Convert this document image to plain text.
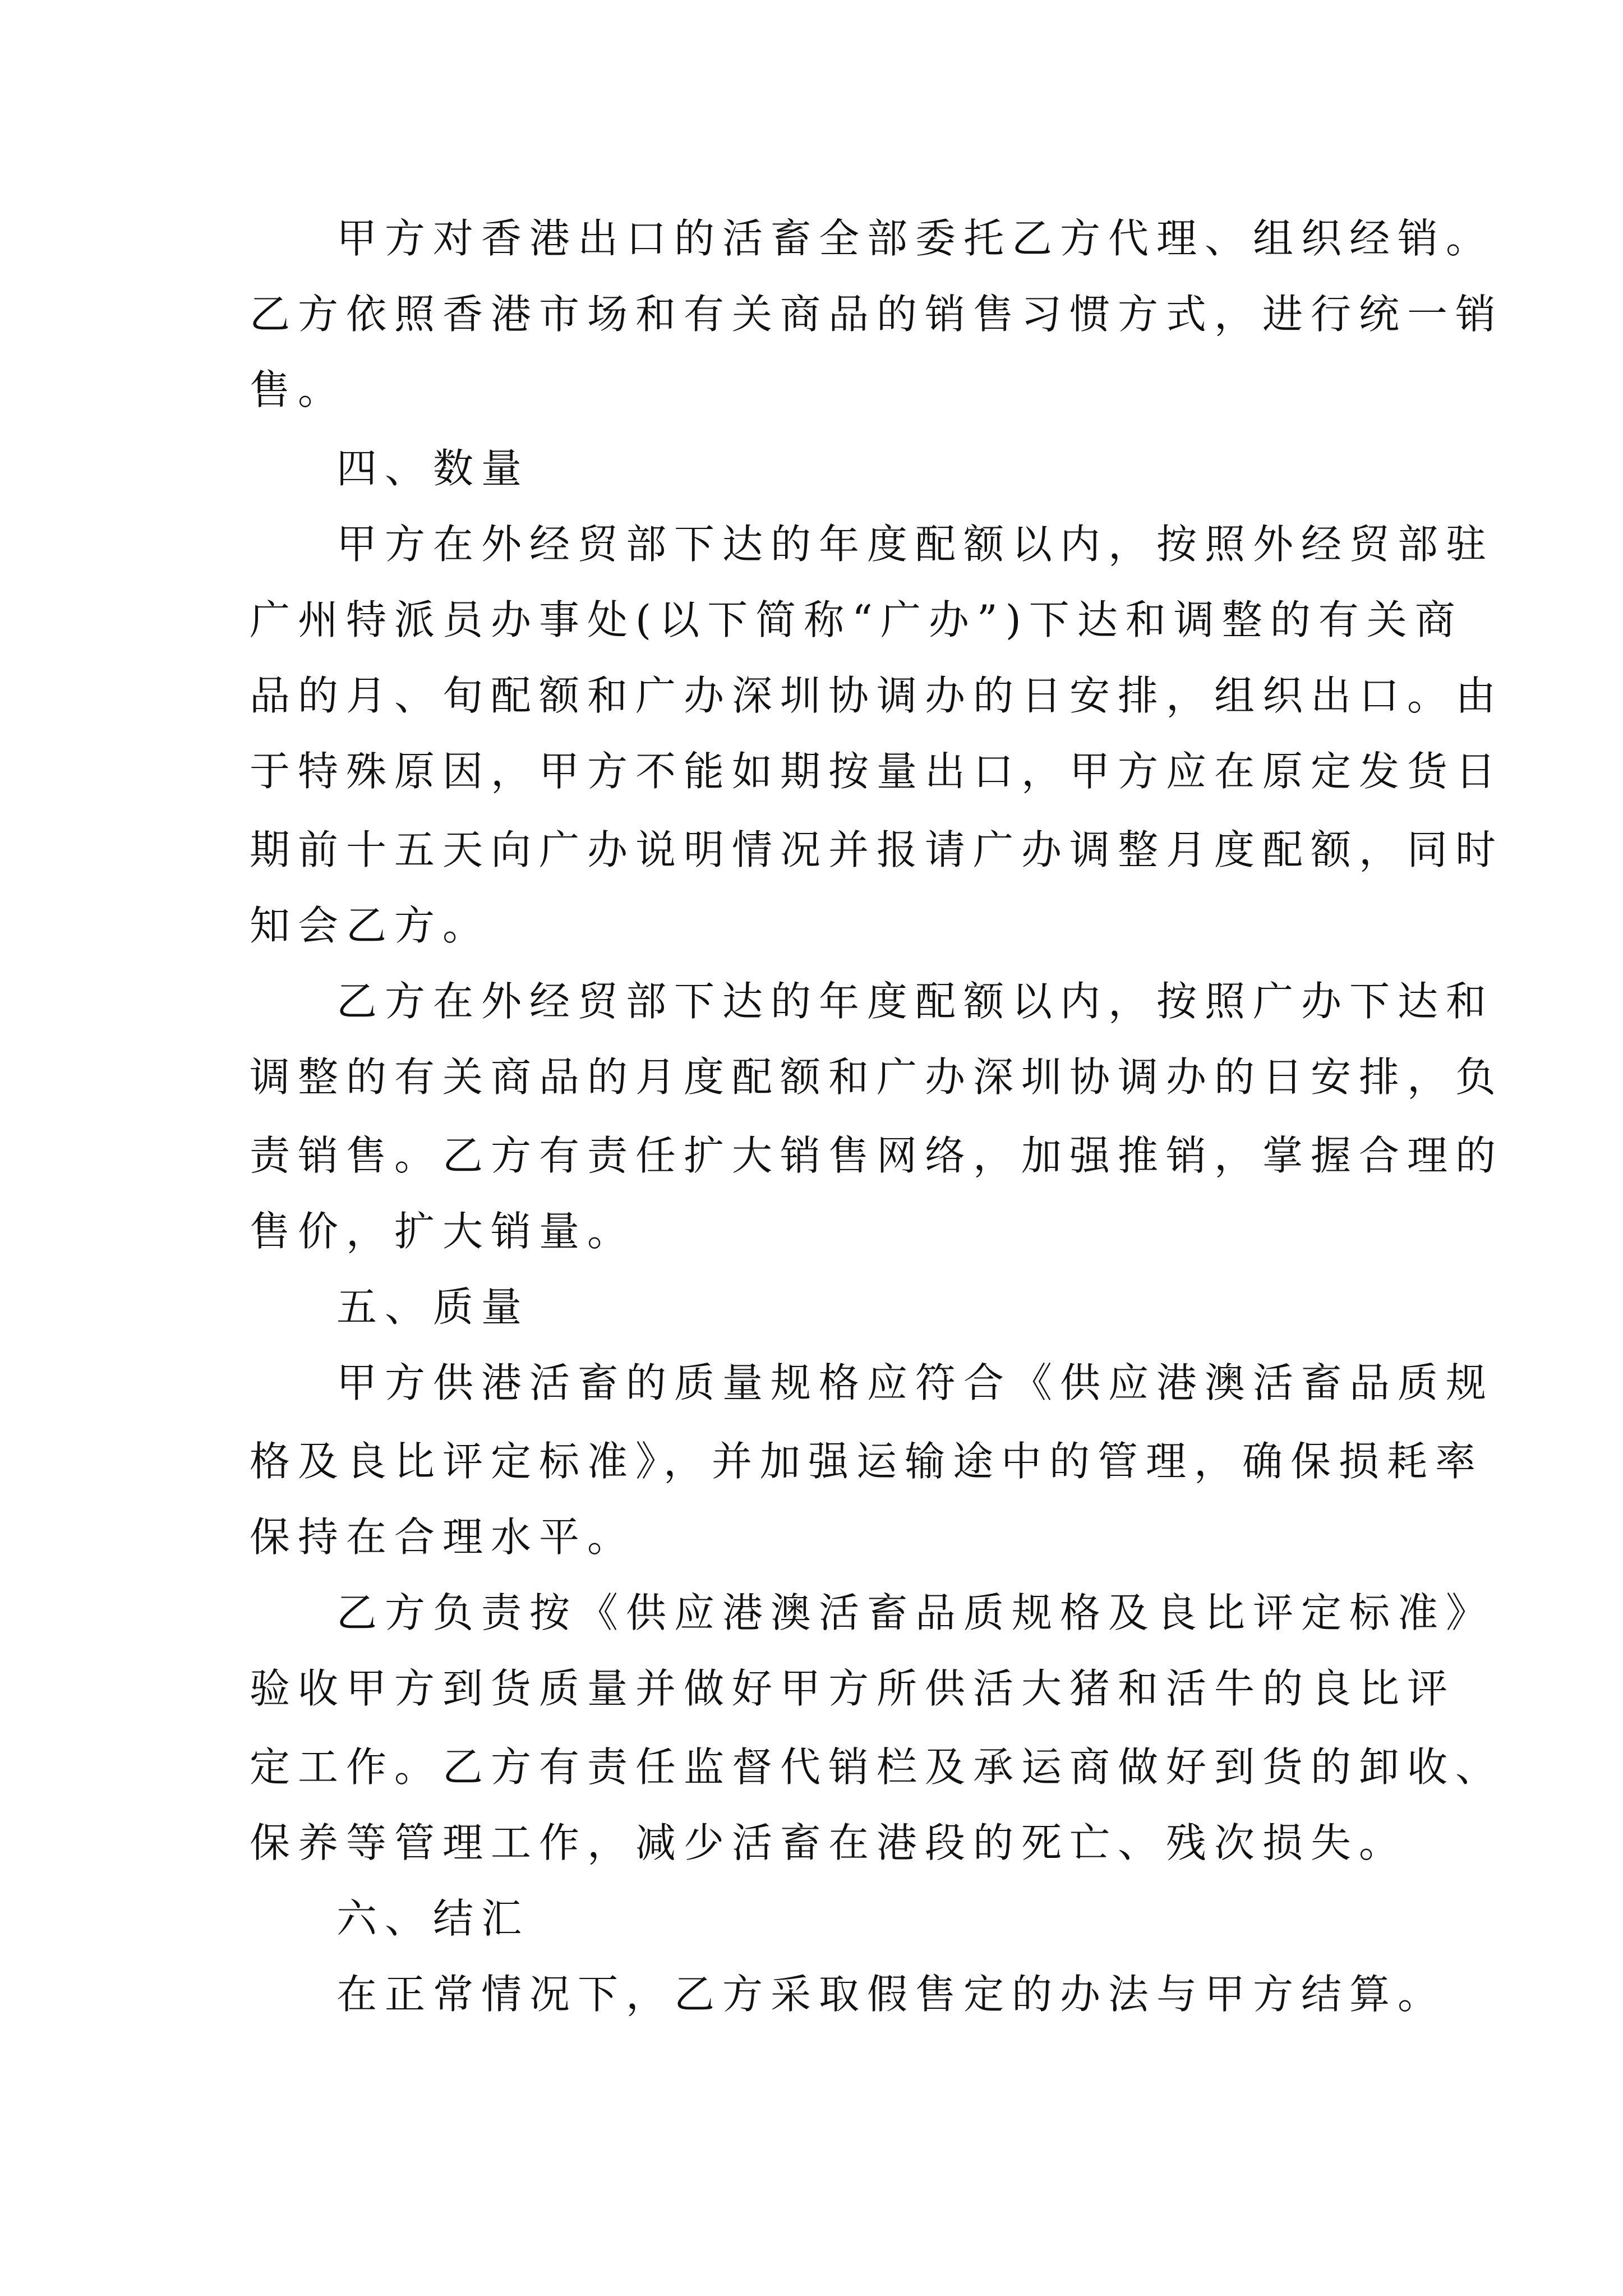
甲方对香港出口的活畜全部委托乙方代理、组织经销。
乙方依照香港市场和有关商品的销售习惯方式，进行统一销
售。
四、数量
甲方在外经贸部下达的年度配额以内，按照外经贸部驻
广州特派员办事处(以下简称“广办”)下达和调整的有关商
品的月、旬配额和广办深圳协调办的日安排，组织出口。由
于特殊原因，甲方不能如期按量出口，甲方应在原定发货日
期前十五天向广办说明情况并报请广办调整月度配额，同时
知会乙方。
乙方在外经贸部下达的年度配额以内，按照广办下达和
调整的有关商品的月度配额和广办深圳协调办的日安排，负
责销售。乙方有责任扩大销售网络，加强推销，掌握合理的
售价，扩大销量。
五、质量
甲方供港活畜的质量规格应符合《供应港澳活畜品质规
格及良比评定标准》，并加强运输途中的管理，确保损耗率
保持在合理水平。
乙方负责按《供应港澳活畜品质规格及良比评定标准》
验收甲方到货质量并做好甲方所供活大猪和活牛的良比评
定工作。乙方有责任监督代销栏及承运商做好到货的卸收、
保养等管理工作，减少活畜在港段的死亡、残次损失。
六、结汇
在正常情况下，乙方采取假售定的办法与甲方结算。
